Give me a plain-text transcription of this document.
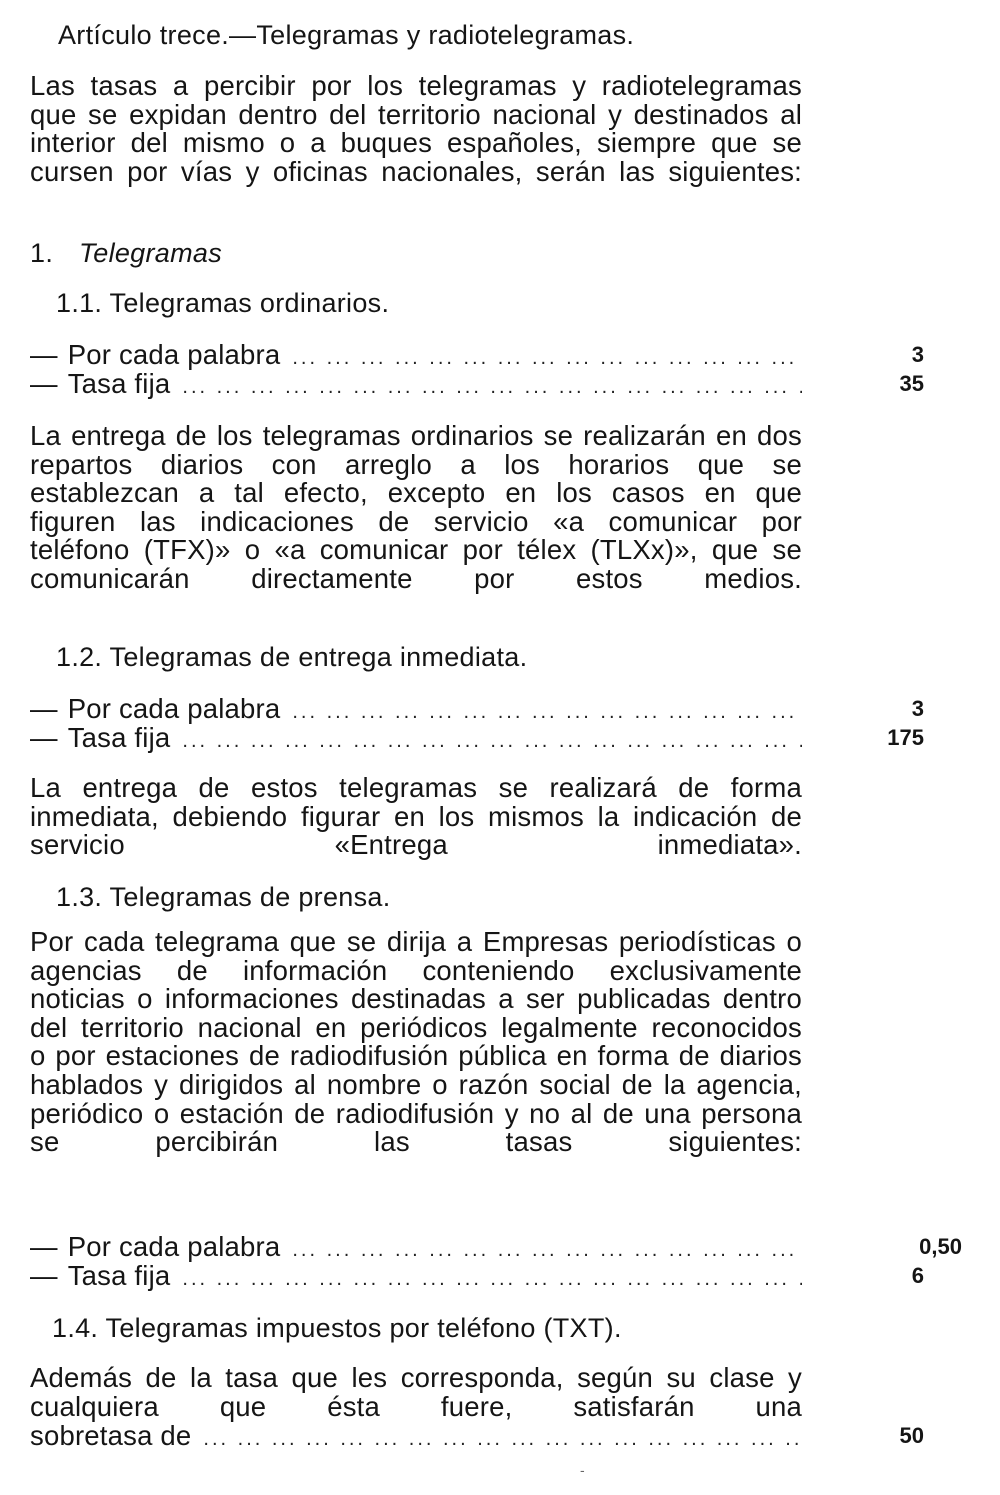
Artículo trece.—Telegramas y radiotelegramas.
Las tasas a percibir por los telegramas y radiotelegramas que se expidan dentro del territorio nacional y destinados al interior del mismo o a buques españoles, siempre que se cursen por vías y oficinas nacionales, serán las siguientes:
1. Telegramas
1.1. Telegramas ordinarios.
— Por cada palabra ... .	3
— Tasa fija ... .	35
La entrega de los telegramas ordinarios se realizarán en dos repartos diarios con arreglo a los horarios que se establezcan a tal efecto, excepto en los casos en que figuren las indicaciones de servicio «a comunicar por teléfono (TFX)» o «a comunicar por télex (TLXx)», que se comunicarán directamente por estos medios.
1.2. Telegramas de entrega inmediata.
— Por cada palabra ... .	3
— Tasa fija ... .	175
La entrega de estos telegramas se realizará de forma inmediata, debiendo figurar en los mismos la indicación de servicio «Entrega inmediata».
1.3. Telegramas de prensa.
Por cada telegrama que se dirija a Empresas periodísticas o agencias de información conteniendo exclusivamente noticias o informaciones destinadas a ser publicadas dentro del territorio nacional en periódicos legalmente reconocidos o por estaciones de radiodifusión pública en forma de diarios hablados y dirigidos al nombre o razón social de la agencia, periódico o estación de radiodifusión y no al de una persona se percibirán las tasas siguientes:
— Por cada palabra ... .	0,50
— Tasa fija ... .	6
1.4. Telegramas impuestos por teléfono (TXT).
Además de la tasa que les corresponda, según su clase y cualquiera que ésta fuere, satisfarán una
sobretasa de ... .	50
-
